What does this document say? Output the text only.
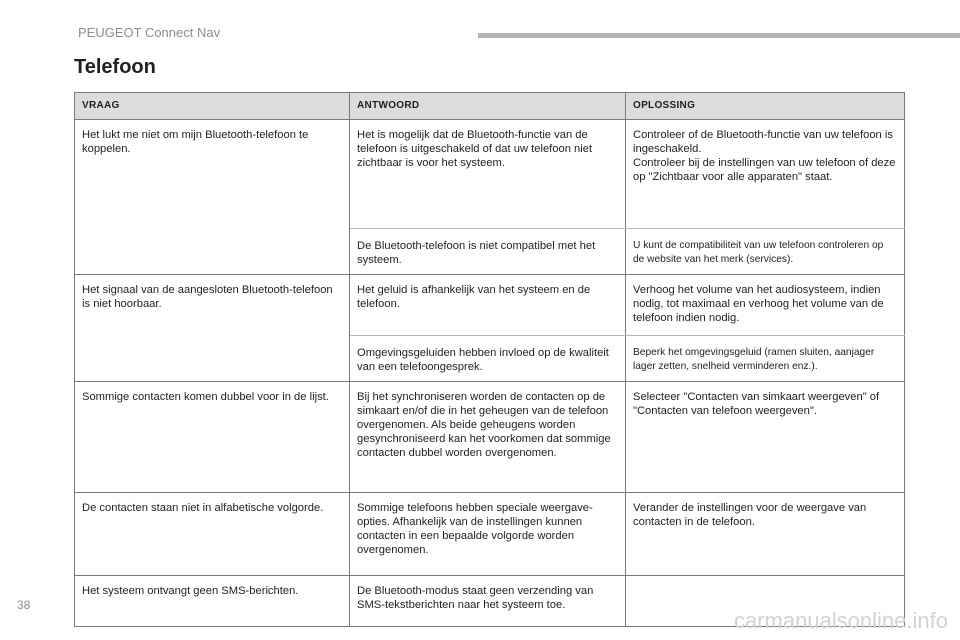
PEUGEOT Connect Nav
Telefoon
VRAAG	ANTWOORD	OPLOSSING
Het lukt me niet om mijn Bluetooth-telefoon te koppelen.	Het is mogelijk dat de Bluetooth-functie van de telefoon is uitgeschakeld of dat uw telefoon niet zichtbaar is voor het systeem.	Controleer of de Bluetooth-functie van uw telefoon is ingeschakeld.
Controleer bij de instellingen van uw telefoon of deze op "Zichtbaar voor alle apparaten" staat.

	De Bluetooth-telefoon is niet compatibel met het systeem.	U kunt de compatibiliteit van uw telefoon controleren op de website van het merk (services).

Het signaal van de aangesloten Bluetooth-telefoon is niet hoorbaar.	Het geluid is afhankelijk van het systeem en de telefoon.	Verhoog het volume van het audiosysteem, indien nodig, tot maximaal en verhoog het volume van de telefoon indien nodig.

	Omgevingsgeluiden hebben invloed op de kwaliteit van een telefoongesprek.	Beperk het omgevingsgeluid (ramen sluiten, aanjager lager zetten, snelheid verminderen enz.).

Sommige contacten komen dubbel voor in de lijst.	Bij het synchroniseren worden de contacten op de simkaart en/of die in het geheugen van de telefoon overgenomen. Als beide geheugens worden gesynchroniseerd kan het voorkomen dat sommige contacten dubbel worden overgenomen.	Selecteer "Contacten van simkaart weergeven" of "Contacten van telefoon weergeven".

De contacten staan niet in alfabetische volgorde.	Sommige telefoons hebben speciale weergave-opties. Afhankelijk van de instellingen kunnen contacten in een bepaalde volgorde worden overgenomen.	Verander de instellingen voor de weergave van contacten in de telefoon.

Het systeem ontvangt geen SMS-berichten.	De Bluetooth-modus staat geen verzending van SMS-tekstberichten naar het systeem toe.	
38
carmanualsonline.info
